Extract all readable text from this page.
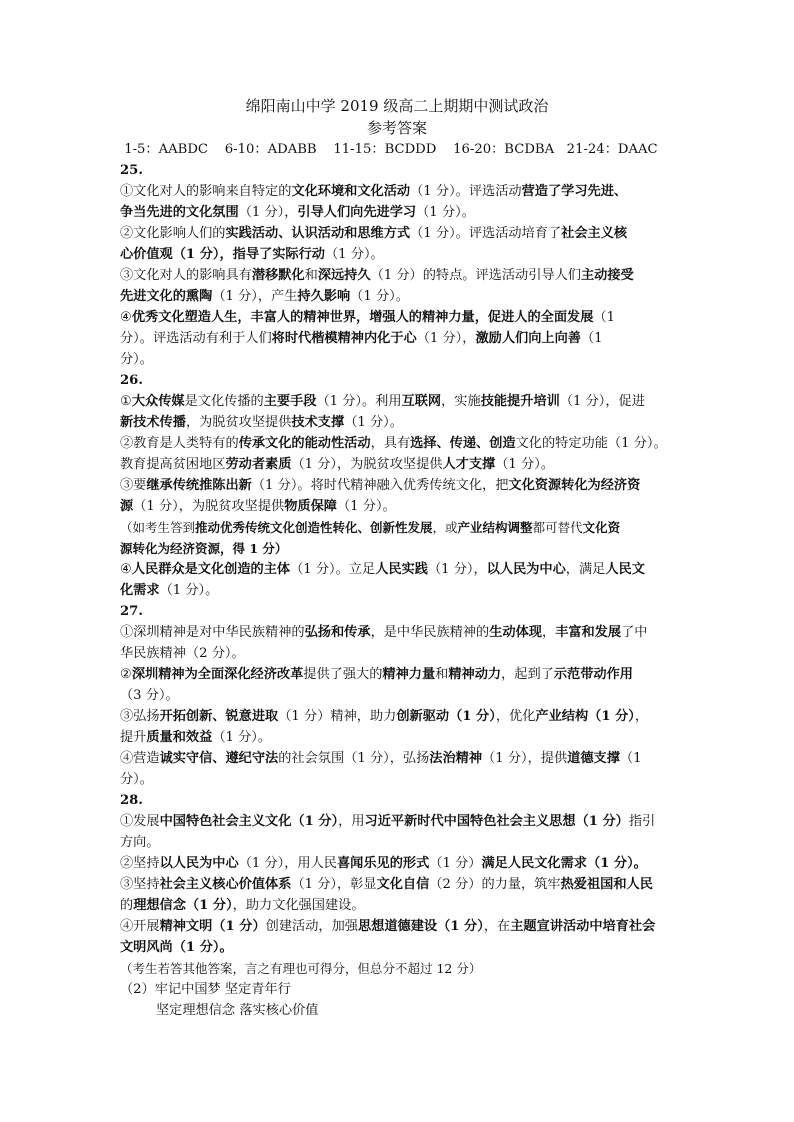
绵阳南山中学 2019 级高二上期期中测试政治
参考答案
1-5：AABDC    6-10：ADABB    11-15：BCDDD    16-20：BCDBA   21-24：DAAC
25.
①文化对人的影响来自特定的文化环境和文化活动（1 分）。评选活动营造了学习先进、
争当先进的文化氛围（1 分），引导人们向先进学习（1 分）。
②文化影响人们的实践活动、认识活动和思维方式（1 分）。评选活动培育了社会主义核
心价值观（1 分），指导了实际行动（1 分）。
③文化对人的影响具有潜移默化和深远持久（1 分）的特点。评选活动引导人们主动接受
先进文化的熏陶（1 分），产生持久影响（1 分）。
④优秀文化塑造人生，丰富人的精神世界，增强人的精神力量，促进人的全面发展（1
分）。评选活动有利于人们将时代楷模精神内化于心（1 分），激励人们向上向善（1
分）。
26.
①大众传媒是文化传播的主要手段（1 分）。利用互联网，实施技能提升培训（1 分），促进
新技术传播，为脱贫攻坚提供技术支撑（1 分）。
②教育是人类特有的传承文化的能动性活动，具有选择、传递、创造文化的特定功能（1 分）。
教育提高贫困地区劳动者素质（1 分），为脱贫攻坚提供人才支撑（1 分）。
③要继承传统推陈出新（1 分）。将时代精神融入优秀传统文化，把文化资源转化为经济资
源（1 分），为脱贫攻坚提供物质保障（1 分）。
（如考生答到推动优秀传统文化创造性转化、创新性发展，或产业结构调整都可替代文化资
源转化为经济资源，得 1 分）
④人民群众是文化创造的主体（1 分）。立足人民实践（1 分），以人民为中心，满足人民文
化需求（1 分）。
27.
①深圳精神是对中华民族精神的弘扬和传承，是中华民族精神的生动体现，丰富和发展了中
华民族精神（2 分）。
②深圳精神为全面深化经济改革提供了强大的精神力量和精神动力，起到了示范带动作用
（3 分）。
③弘扬开拓创新、锐意进取（1 分）精神，助力创新驱动（1 分），优化产业结构（1 分），
提升质量和效益（1 分）。
④营造诚实守信、遵纪守法的社会氛围（1 分），弘扬法治精神（1 分），提供道德支撑（1
分）。
28.
①发展中国特色社会主义文化（1 分），用习近平新时代中国特色社会主义思想（1 分）指引
方向。
②坚持以人民为中心（1 分），用人民喜闻乐见的形式（1 分）满足人民文化需求（1 分）。
③坚持社会主义核心价值体系（1 分），彰显文化自信（2 分）的力量，筑牢热爱祖国和人民
的理想信念（1 分），助力文化强国建设。
④开展精神文明（1 分）创建活动，加强思想道德建设（1 分），在主题宣讲活动中培育社会
文明风尚（1 分）。
（考生若答其他答案，言之有理也可得分，但总分不超过 12 分）
（2）牢记中国梦 坚定青年行
坚定理想信念 落实核心价值
